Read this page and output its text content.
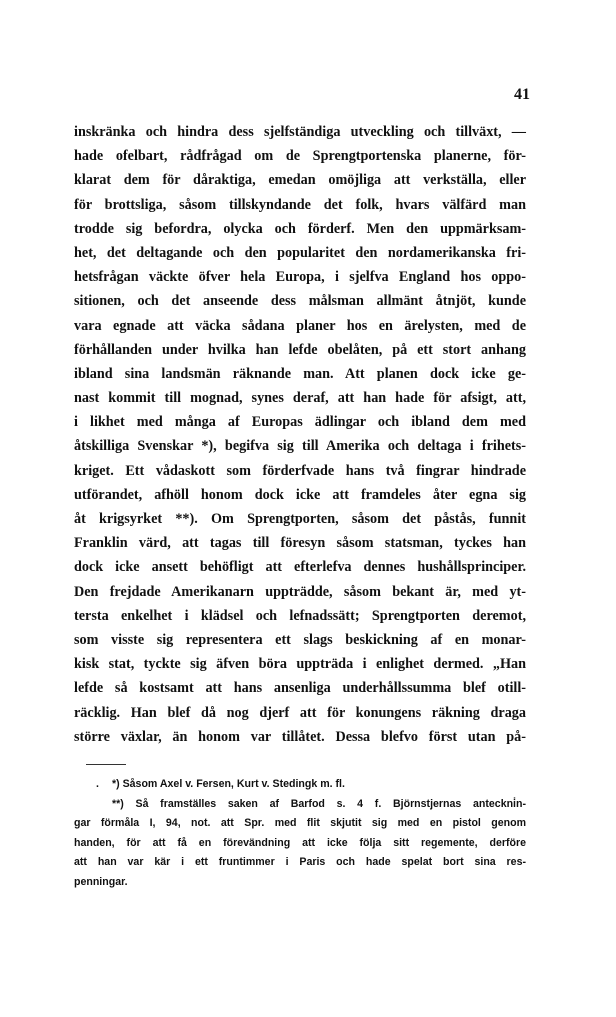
41
inskränka och hindra dess sjelfständiga utveckling och tillväxt, —
hade ofelbart, rådfrågad om de Sprengtportenska planerne, för-
klarat dem för dåraktiga, emedan omöjliga att verkställa, eller
för brottsliga, såsom tillskyndande det folk, hvars välfärd man
trodde sig befordra, olycka och förderf. Men den uppmärksam-
het, det deltagande och den popularitet den nordamerikanska fri-
hetsfrågan väckte öfver hela Europa, i sjelfva England hos oppo-
sitionen, och det anseende dess målsman allmänt åtnjöt, kunde
vara egnade att väcka sådana planer hos en ärelysten, med de
förhållanden under hvilka han lefde obelåten, på ett stort anhang
ibland sina landsmän räknande man. Att planen dock icke ge-
nast kommit till mognad, synes deraf, att han hade för afsigt, att,
i likhet med många af Europas ädlingar och ibland dem med
åtskilliga Svenskar *), begifva sig till Amerika och deltaga i frihets-
kriget. Ett vådaskott som förderfvade hans två fingrar hindrade
utförandet, afhöll honom dock icke att framdeles åter egna sig
åt krigsyrket **). Om Sprengtporten, såsom det påstås, funnit
Franklin värd, att tagas till föresyn såsom statsman, tyckes han
dock icke ansett behöfligt att efterlefva dennes hushållsprinciper.
Den frejdade Amerikanarn uppträdde, såsom bekant är, med yt-
tersta enkelhet i klädsel och lefnadssätt; Sprengtporten deremot,
som visste sig representera ett slags beskickning af en monar-
kisk stat, tyckte sig äfven böra uppträda i enlighet dermed. „Han
lefde så kostsamt att hans ansenliga underhållssumma blef otill-
räcklig. Han blef då nog djerf att för konungens räkning draga
större växlar, än honom var tillåtet. Dessa blefvo först utan på-
. *) Såsom Axel v. Fersen, Kurt v. Stedingk m. fl.
**) Så framställes saken af Barfod s. 4 f. Björnstjernas anteckni̇n-
gar förmåla I, 94, not. att Spr. med flit skjutit sig med en pistol genom
handen, för att få en förevändning att icke följa sitt regemente, derföre
att han var kär i ett fruntimmer i Paris och hade spelat bort sina res-
penningar.
